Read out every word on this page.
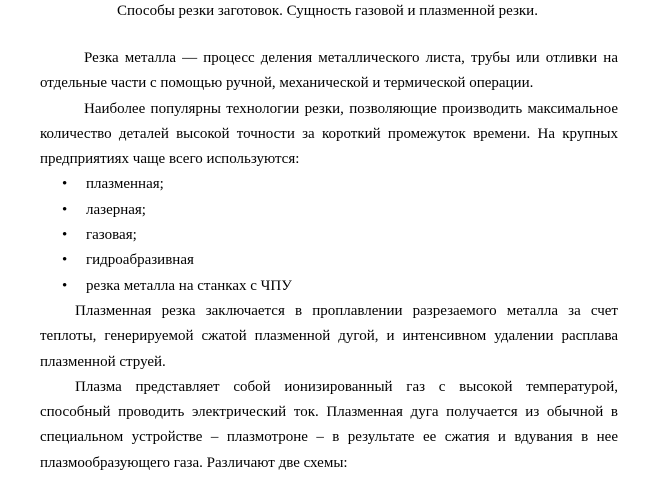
Способы резки заготовок. Сущность газовой и плазменной резки.

Резка металла — процесс деления металлического листа, трубы или отливки на отдельные части с помощью ручной, механической и термической операции.

Наиболее популярны технологии резки, позволяющие производить максимальное количество деталей высокой точности за короткий промежуток времени. На крупных предприятиях чаще всего используются:

• плазменная;
• лазерная;
• газовая;
• гидроабразивная
• резка металла на станках с ЧПУ

Плазменная резка заключается в проплавлении разрезаемого металла за счет теплоты, генерируемой сжатой плазменной дугой, и интенсивном удалении расплава плазменной струей.

Плазма представляет собой ионизированный газ с высокой температурой, способный проводить электрический ток. Плазменная дуга получается из обычной в специальном устройстве – плазмотроне – в результате ее сжатия и вдувания в нее плазмообразующего газа. Различают две схемы:
